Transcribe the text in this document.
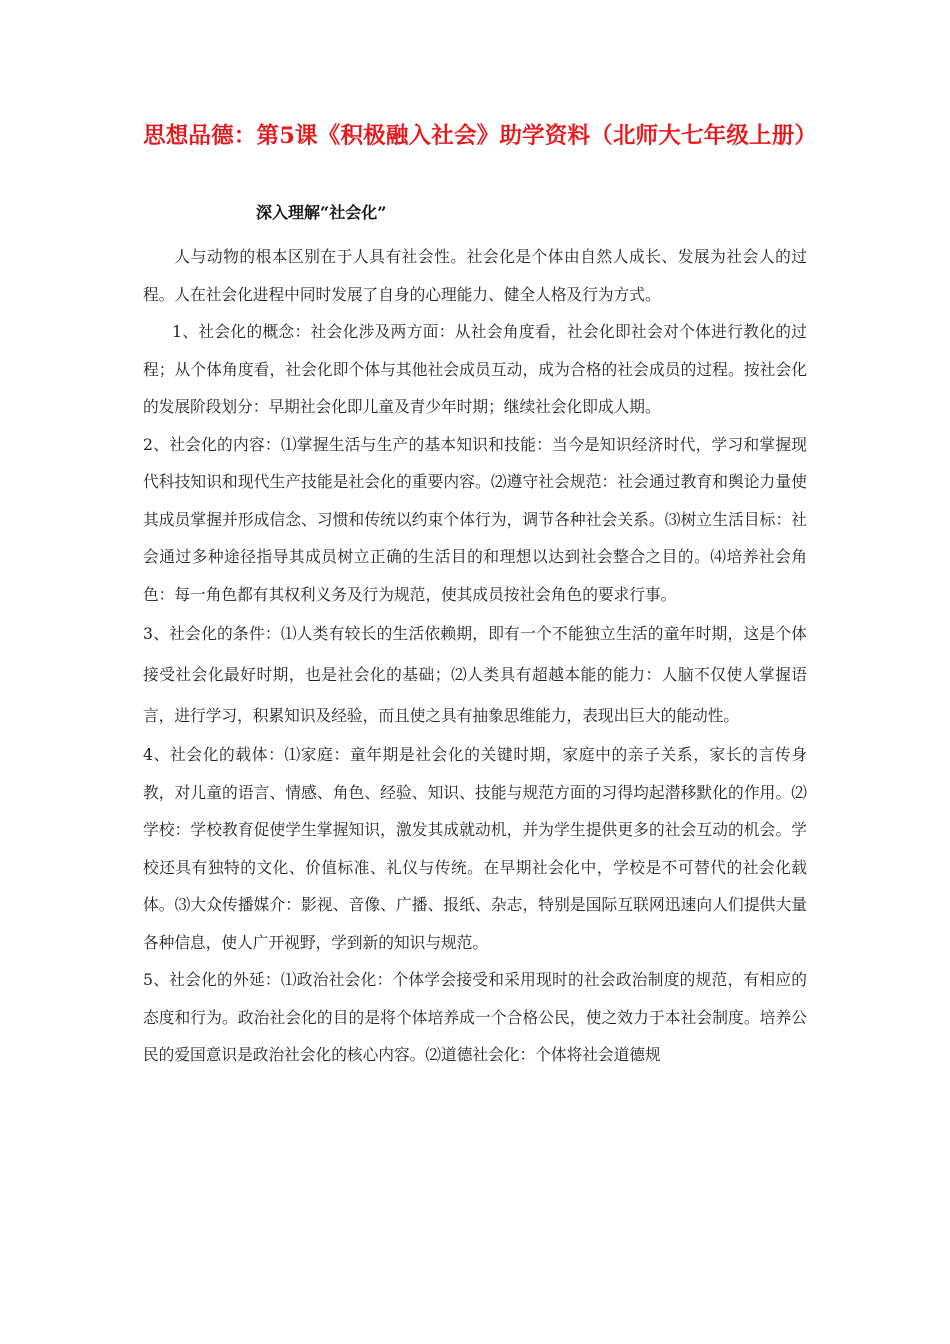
思想品德：第5课《积极融入社会》助学资料（北师大七年级上册）
深入理解“社会化”

人与动物的根本区别在于人具有社会性。社会化是个体由自然人成长、发展为社会人的过程。人在社会化进程中同时发展了自身的心理能力、健全人格及行为方式。

1、社会化的概念：社会化涉及两方面：从社会角度看，社会化即社会对个体进行教化的过程；从个体角度看，社会化即个体与其他社会成员互动，成为合格的社会成员的过程。按社会化的发展阶段划分：早期社会化即儿童及青少年时期；继续社会化即成人期。

2、社会化的内容：⑴掌握生活与生产的基本知识和技能：当今是知识经济时代，学习和掌握现代科技知识和现代生产技能是社会化的重要内容。⑵遵守社会规范：社会通过教育和舆论力量使其成员掌握并形成信念、习惯和传统以约束个体行为，调节各种社会关系。⑶树立生活目标：社会通过多种途径指导其成员树立正确的生活目的和理想以达到社会整合之目的。⑷培养社会角色：每一角色都有其权利义务及行为规范，使其成员按社会角色的要求行事。

3、社会化的条件：⑴人类有较长的生活依赖期，即有一个不能独立生活的童年时期，这是个体接受社会化最好时期，也是社会化的基础；⑵人类具有超越本能的能力：人脑不仅使人掌握语言，进行学习，积累知识及经验，而且使之具有抽象思维能力，表现出巨大的能动性。

4、社会化的载体：⑴家庭：童年期是社会化的关键时期，家庭中的亲子关系，家长的言传身教，对儿童的语言、情感、角色、经验、知识、技能与规范方面的习得均起潜移默化的作用。⑵学校：学校教育促使学生掌握知识，激发其成就动机，并为学生提供更多的社会互动的机会。学校还具有独特的文化、价值标准、礼仪与传统。在早期社会化中，学校是不可替代的社会化载体。⑶大众传播媒介：影视、音像、广播、报纸、杂志，特别是国际互联网迅速向人们提供大量各种信息，使人广开视野，学到新的知识与规范。

5、社会化的外延：⑴政治社会化：个体学会接受和采用现时的社会政治制度的规范，有相应的态度和行为。政治社会化的目的是将个体培养成一个合格公民，使之效力于本社会制度。培养公民的爱国意识是政治社会化的核心内容。⑵道德社会化：个体将社会道德规
